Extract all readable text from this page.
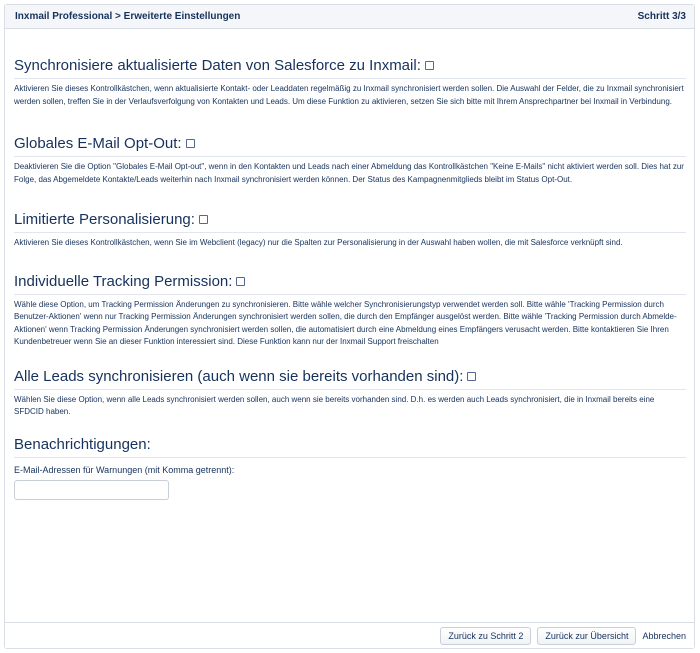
Inxmail Professional > Erweiterte Einstellungen	Schritt 3/3
Synchronisiere aktualisierte Daten von Salesforce zu Inxmail:

Aktivieren Sie dieses Kontrollkästchen, wenn aktualisierte Kontakt- oder Leaddaten regelmäßig zu Inxmail synchronisiert werden sollen. Die Auswahl der Felder, die zu Inxmail synchronisiert werden sollen, treffen Sie in der Verlaufsverfolgung von Kontakten und Leads. Um diese Funktion zu aktivieren, setzen Sie sich bitte mit Ihrem Ansprechpartner bei Inxmail in Verbindung.

Globales E-Mail Opt-Out:

Deaktivieren Sie die Option "Globales E-Mail Opt-out", wenn in den Kontakten und Leads nach einer Abmeldung das Kontrollkästchen "Keine E-Mails" nicht aktiviert werden soll. Dies hat zur Folge, das Abgemeldete Kontakte/Leads weiterhin nach Inxmail synchronisiert werden können. Der Status des Kampagnenmitglieds bleibt im Status Opt-Out.

Limitierte Personalisierung:

Aktivieren Sie dieses Kontrollkästchen, wenn Sie im Webclient (legacy) nur die Spalten zur Personalisierung in der Auswahl haben wollen, die mit Salesforce verknüpft sind.

Individuelle Tracking Permission:

Wähle diese Option, um Tracking Permission Änderungen zu synchronisieren. Bitte wähle welcher Synchronisierungstyp verwendet werden soll. Bitte wähle 'Tracking Permission durch Benutzer-Aktionen' wenn nur Tracking Permission Änderungen synchronisiert werden sollen, die durch den Empfänger ausgelöst werden. Bitte wähle 'Tracking Permission durch Abmelde-Aktionen' wenn Tracking Permission Änderungen synchronisiert werden sollen, die automatisiert durch eine Abmeldung eines Empfängers verusacht werden. Bitte kontaktieren Sie Ihren Kundenbetreuer wenn Sie an dieser Funktion interessiert sind. Diese Funktion kann nur der Inxmail Support freischalten

Alle Leads synchronisieren (auch wenn sie bereits vorhanden sind):

Wählen Sie diese Option, wenn alle Leads synchronisiert werden sollen, auch wenn sie bereits vorhanden sind. D.h. es werden auch Leads synchronisiert, die in Inxmail bereits eine SFDCID haben.

Benachrichtigungen:
E-Mail-Adressen für Warnungen (mit Komma getrennt):
Zurück zu Schritt 2	Zurück zur Übersicht	Abbrechen
